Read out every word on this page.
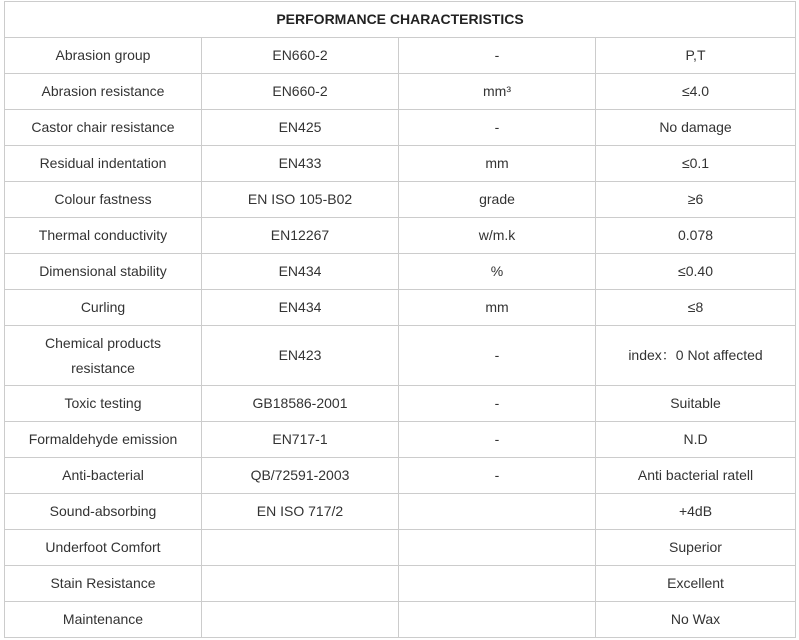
PERFORMANCE CHARACTERISTICS			
Abrasion group	EN660-2	-	P,T
Abrasion resistance	EN660-2	mm³	≤4.0
Castor chair resistance	EN425	-	No damage
Residual indentation	EN433	mm	≤0.1
Colour fastness	EN ISO 105-B02	grade	≥6
Thermal conductivity	EN12267	w/m.k	0.078
Dimensional stability	EN434	%	≤0.40
Curling	EN434	mm	≤8
Chemical products resistance	EN423	-	index：0 Not affected
Toxic testing	GB18586-2001	-	Suitable
Formaldehyde emission	EN717-1	-	N.D
Anti-bacterial	QB/72591-2003	-	Anti bacterial ratell
Sound-absorbing	EN ISO 717/2		+4dB
Underfoot Comfort			Superior
Stain Resistance			Excellent
Maintenance			No Wax
